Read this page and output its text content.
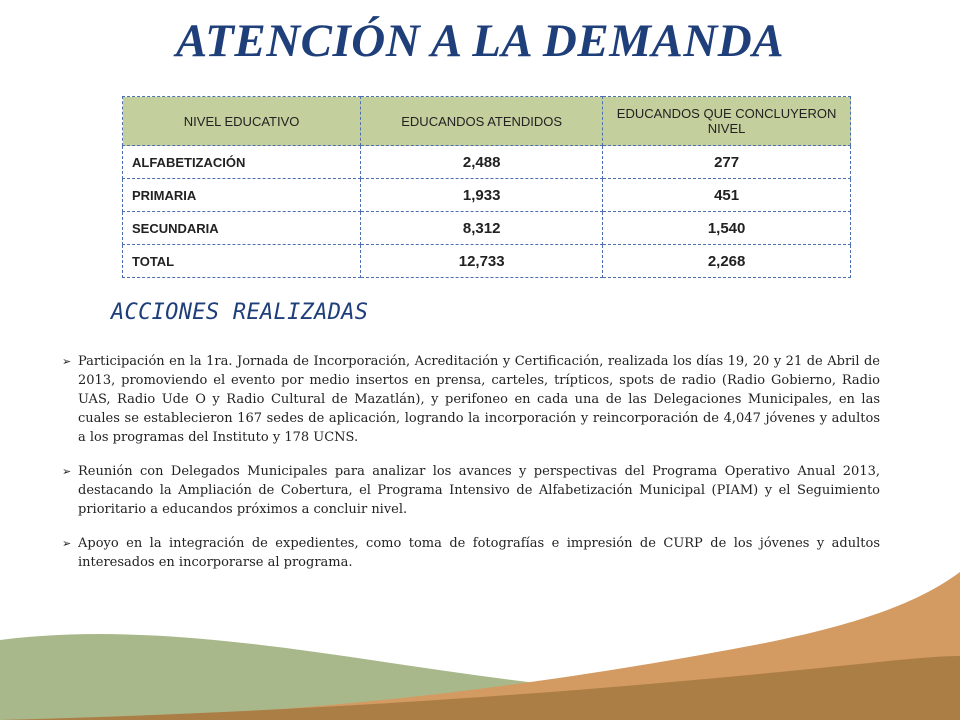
ATENCIÓN A LA DEMANDA
NIVEL EDUCATIVO	EDUCANDOS ATENDIDOS	EDUCANDOS QUE CONCLUYERON NIVEL
ALFABETIZACIÓN	2,488	277
PRIMARIA	1,933	451
SECUNDARIA	8,312	1,540
TOTAL	12,733	2,268
ACCIONES REALIZADAS
➢ Participación en la 1ra. Jornada de Incorporación, Acreditación y Certificación, realizada los días 19, 20 y 21 de Abril de 2013, promoviendo el evento por medio insertos en prensa, carteles, trípticos, spots de radio (Radio Gobierno, Radio UAS, Radio Ude O y Radio Cultural de Mazatlán), y perifoneo en cada una de las Delegaciones Municipales, en las cuales se establecieron 167 sedes de aplicación, logrando la incorporación y reincorporación de 4,047 jóvenes y adultos a los programas del Instituto y 178 UCNS.
➢ Reunión con Delegados Municipales para analizar los avances y perspectivas del Programa Operativo Anual 2013, destacando la Ampliación de Cobertura, el Programa Intensivo de Alfabetización Municipal (PIAM) y el Seguimiento prioritario a educandos próximos a concluir nivel.
➢ Apoyo en la integración de expedientes, como toma de fotografías e impresión de CURP de los jóvenes y adultos interesados en incorporarse al programa.
